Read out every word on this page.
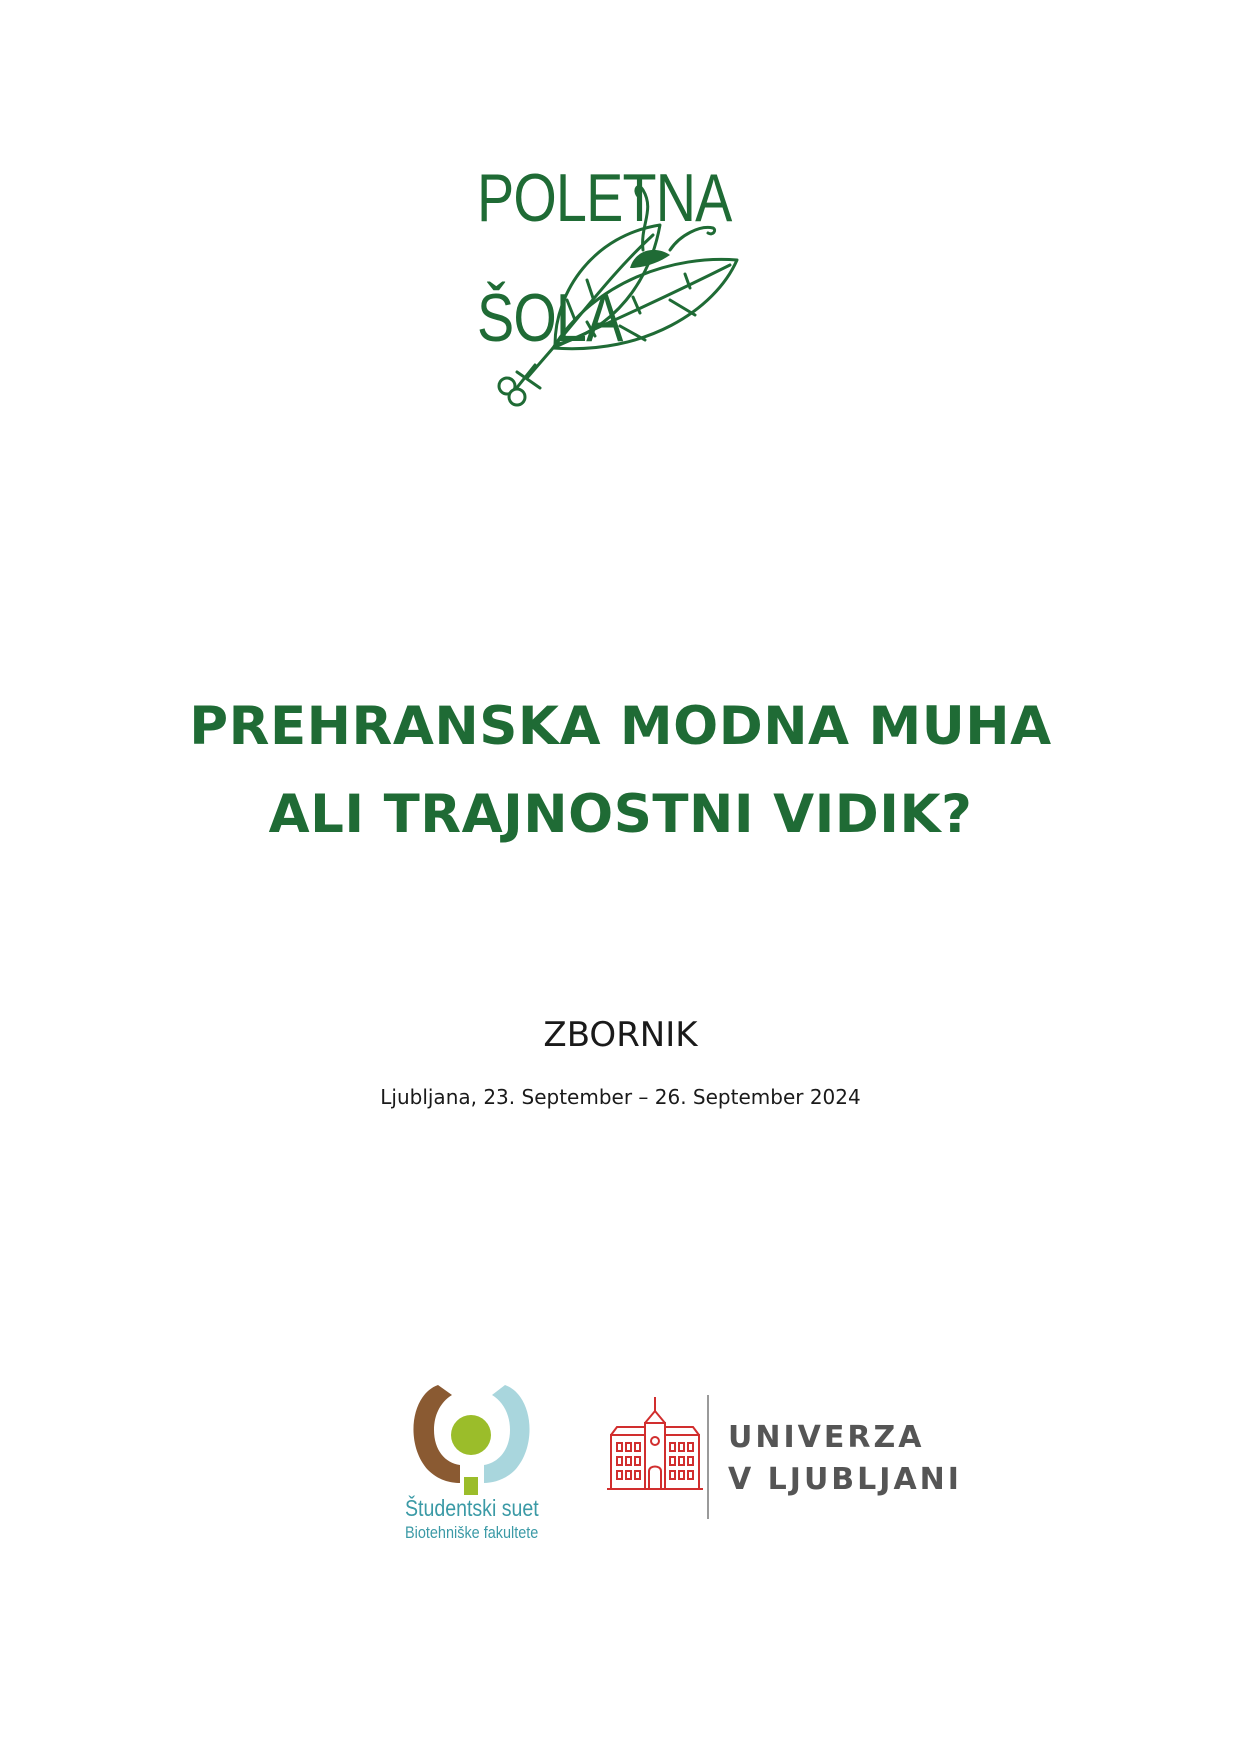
POLETNA
ŠOLA
PREHRANSKA MODNA MUHA
ALI TRAJNOSTNI VIDIK?
ZBORNIK
Ljubljana, 23. September – 26. September 2024
Študentski suet
Biotehniške fakultete
UNIVERZA
V LJUBLJANI
